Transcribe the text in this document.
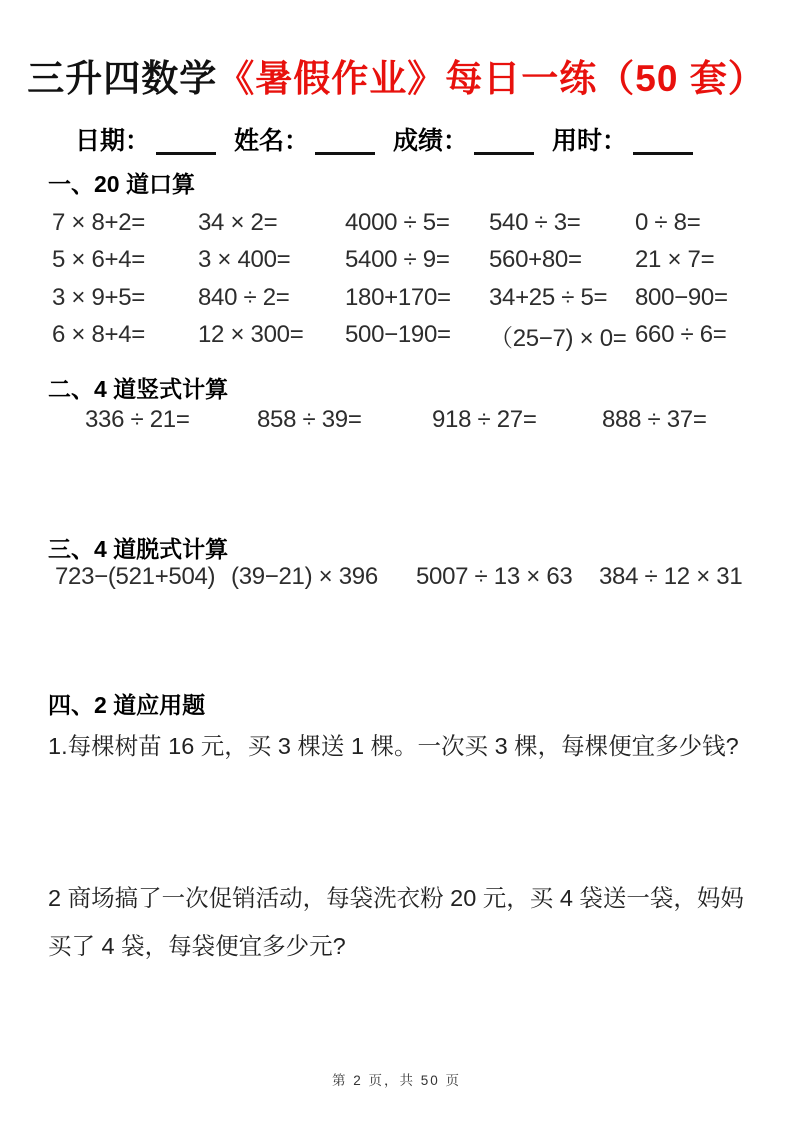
三升四数学《暑假作业》每日一练（50 套）
日期：	姓名：	成绩：	用时：
一、20 道口算
7 × 8+2=	34 × 2=	4000 ÷ 5=	540 ÷ 3=	0 ÷ 8=
5 × 6+4=	3 × 400=	5400 ÷ 9=	560+80=	21 × 7=
3 × 9+5=	840 ÷ 2=	180+170=	34+25 ÷ 5=	800−90=
6 × 8+4=	12 × 300=	500−190=	（25−7) × 0= 660 ÷ 6=
二、4 道竖式计算
336 ÷ 21=	858 ÷ 39=	918 ÷ 27=	888 ÷ 37=
三、4 道脱式计算
723−(521+504) (39−21) × 396	5007 ÷ 13 × 63	384 ÷ 12 × 31
四、2 道应用题
1.每棵树苗 16 元，买 3 棵送 1 棵。一次买 3 棵，每棵便宜多少钱?
2 商场搞了一次促销活动，每袋洗衣粉 20 元，买 4 袋送一袋，妈妈
买了 4 袋，每袋便宜多少元?
第 2 页，共 50 页
